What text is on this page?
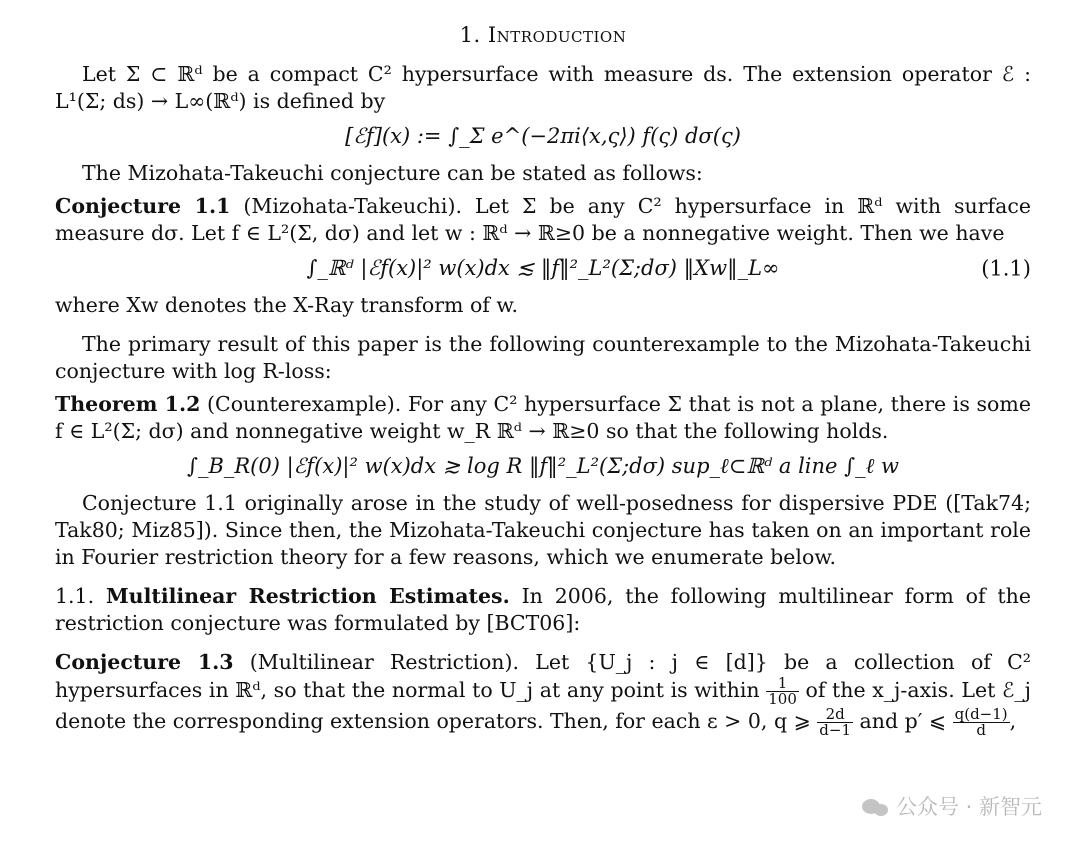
1. Introduction

Let Σ ⊂ ℝᵈ be a compact C² hypersurface with measure ds. The extension operator ℰ : L¹(Σ; ds) → L∞(ℝᵈ) is defined by

[ℰf](x) := ∫_Σ e^(−2πi⟨x,ς⟩) f(ς) dσ(ς)

The Mizohata-Takeuchi conjecture can be stated as follows:

Conjecture 1.1 (Mizohata-Takeuchi). Let Σ be any C² hypersurface in ℝᵈ with surface measure dσ. Let f ∈ L²(Σ, dσ) and let w : ℝᵈ → ℝ≥0 be a nonnegative weight. Then we have

∫_ℝᵈ |ℰf(x)|² w(x)dx ≲ ‖f‖²_L²(Σ;dσ) ‖Xw‖_L∞	(1.1)

where Xw denotes the X-Ray transform of w.

The primary result of this paper is the following counterexample to the Mizohata-Takeuchi conjecture with log R-loss:

Theorem 1.2 (Counterexample). For any C² hypersurface Σ that is not a plane, there is some f ∈ L²(Σ; dσ) and nonnegative weight w_R ℝᵈ → ℝ≥0 so that the following holds.

∫_B_R(0) |ℰf(x)|² w(x)dx ≳ log R ‖f‖²_L²(Σ;dσ) sup_ℓ⊂ℝᵈ a line ∫_ℓ w

Conjecture 1.1 originally arose in the study of well-posedness for dispersive PDE ([Tak74; Tak80; Miz85]). Since then, the Mizohata-Takeuchi conjecture has taken on an important role in Fourier restriction theory for a few reasons, which we enumerate below.

1.1. Multilinear Restriction Estimates. In 2006, the following multilinear form of the restriction conjecture was formulated by [BCT06]:

Conjecture 1.3 (Multilinear Restriction). Let {U_j : j ∈ [d]} be a collection of C² hypersurfaces in ℝᵈ, so that the normal to U_j at any point is within $\frac{1}{100}$ of the x_j-axis. Let ℰ_j denote the corresponding extension operators. Then, for each ε > 0, q ⩾ $\frac{2d}{d-1}$ and p′ ⩽ $\frac{q(d-1)}{d}$ ,

公众号 · 新智元
